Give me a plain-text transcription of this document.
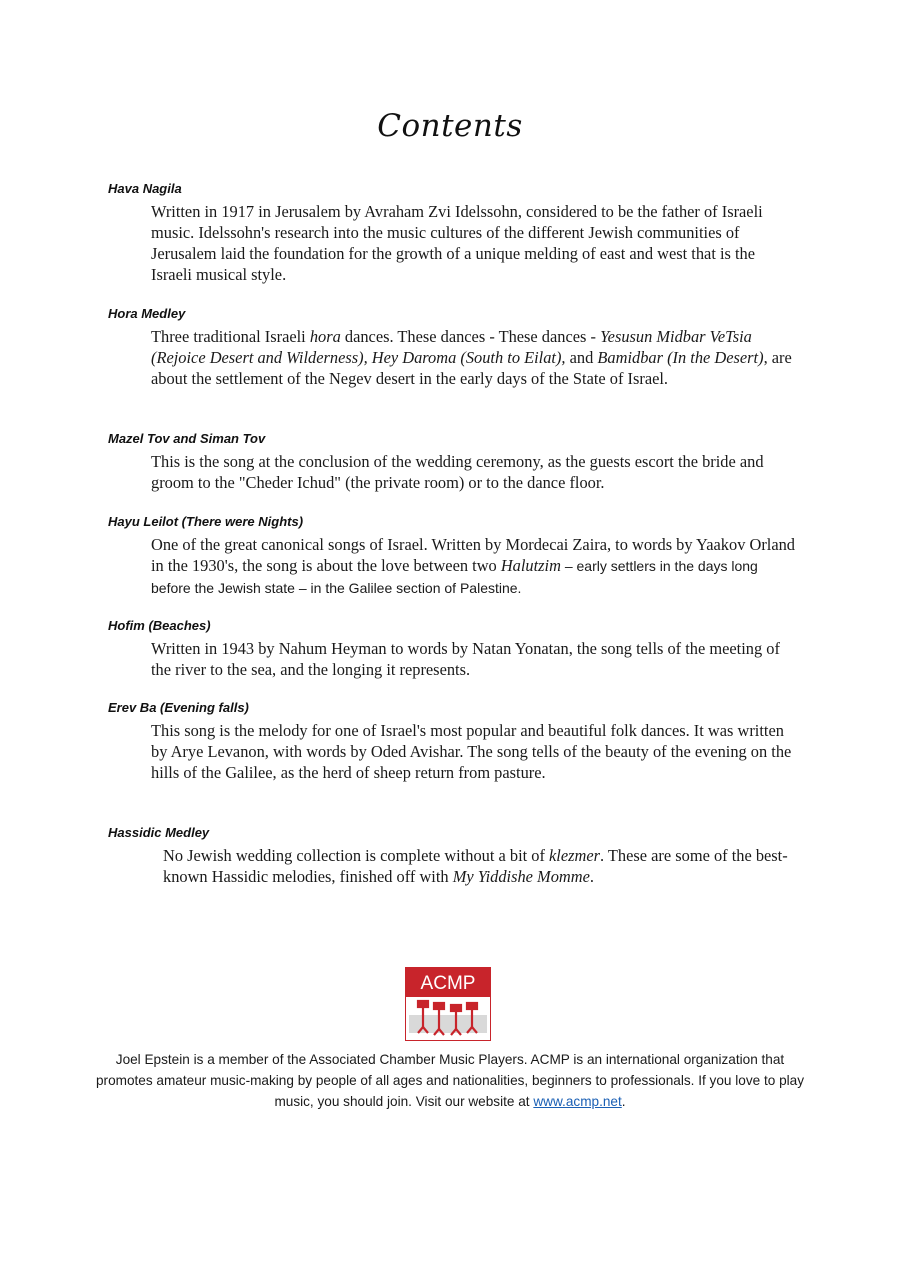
Contents

Hava Nagila

Written in 1917 in Jerusalem by Avraham Zvi Idelssohn, considered to be the father of Israeli music. Idelssohn's research into the music cultures of the different Jewish communities of Jerusalem laid the foundation for the growth of a unique melding of east and west that is the Israeli musical style.

Hora Medley

Three traditional Israeli hora dances. These dances - These dances - Yesusun Midbar VeTsia (Rejoice Desert and Wilderness), Hey Daroma (South to Eilat), and Bamidbar (In the Desert), are about the settlement of the Negev desert in the early days of the State of Israel.

Mazel Tov and Siman Tov

This is the song at the conclusion of the wedding ceremony, as the guests escort the bride and groom to the "Cheder Ichud" (the private room) or to the dance floor.

Hayu Leilot (There were Nights)

One of the great canonical songs of Israel. Written by Mordecai Zaira, to words by Yaakov Orland in the 1930's, the song is about the love between two Halutzim – early settlers in the days long before the Jewish state – in the Galilee section of Palestine.

Hofim (Beaches)

Written in 1943 by Nahum Heyman to words by Natan Yonatan, the song tells of the meeting of the river to the sea, and the longing it represents.

Erev Ba (Evening falls)

This song is the melody for one of Israel's most popular and beautiful folk dances. It was written by Arye Levanon, with words by Oded Avishar. The song tells of the beauty of the evening on the hills of the Galilee, as the herd of sheep return from pasture.

Hassidic Medley

No Jewish wedding collection is complete without a bit of klezmer. These are some of the best-known Hassidic melodies, finished off with My Yiddishe Momme.

ACMP
Joel Epstein is a member of the Associated Chamber Music Players. ACMP is an international organization that promotes amateur music-making by people of all ages and nationalities, beginners to professionals. If you love to play music, you should join. Visit our website at www.acmp.net.
